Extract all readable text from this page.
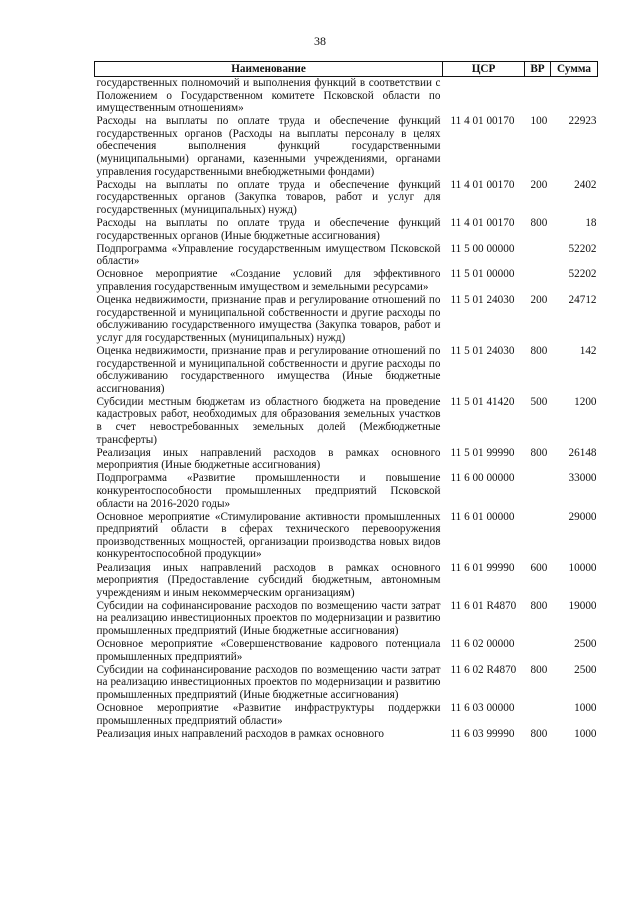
38
Наименование	ЦСР	ВР	Сумма
государственных полномочий и выполнения функций в соответствии с Положением о Государственном комитете Псковской области по имущественным отношениям»			
Расходы на выплаты по оплате труда и обеспечение функций государственных органов (Расходы на выплаты персоналу в целях обеспечения выполнения функций государственными (муниципальными) органами, казенными учреждениями, органами управления государственными внебюджетными фондами)	11 4 01 00170	100	22923
Расходы на выплаты по оплате труда и обеспечение функций государственных органов (Закупка товаров, работ и услуг для государственных (муниципальных) нужд)	11 4 01 00170	200	2402
Расходы на выплаты по оплате труда и обеспечение функций государственных органов (Иные бюджетные ассигнования)	11 4 01 00170	800	18
Подпрограмма «Управление государственным имуществом Псковской области»	11 5 00 00000		52202
Основное мероприятие «Создание условий для эффективного управления государственным имуществом и земельными ресурсами»	11 5 01 00000		52202
Оценка недвижимости, признание прав и регулирование отношений по государственной и муниципальной собственности и другие расходы по обслуживанию государственного имущества (Закупка товаров, работ и услуг для государственных (муниципальных) нужд)	11 5 01 24030	200	24712
Оценка недвижимости, признание прав и регулирование отношений по государственной и муниципальной собственности и другие расходы по обслуживанию государственного имущества (Иные бюджетные ассигнования)	11 5 01 24030	800	142
Субсидии местным бюджетам из областного бюджета на проведение кадастровых работ, необходимых для образования земельных участков в счет невостребованных земельных долей (Межбюджетные трансферты)	11 5 01 41420	500	1200
Реализация иных направлений расходов в рамках основного мероприятия (Иные бюджетные ассигнования)	11 5 01 99990	800	26148
Подпрограмма «Развитие промышленности и повышение конкурентоспособности промышленных предприятий Псковской области на 2016-2020 годы»	11 6 00 00000		33000
Основное мероприятие «Стимулирование активности промышленных предприятий области в сферах технического перевооружения производственных мощностей, организации производства новых видов конкурентоспособной продукции»	11 6 01 00000		29000
Реализация иных направлений расходов в рамках основного мероприятия (Предоставление субсидий бюджетным, автономным учреждениям и иным некоммерческим организациям)	11 6 01 99990	600	10000
Субсидии на софинансирование расходов по возмещению части затрат на реализацию инвестиционных проектов по модернизации и развитию промышленных предприятий (Иные бюджетные ассигнования)	11 6 01 R4870	800	19000
Основное мероприятие «Совершенствование кадрового потенциала промышленных предприятий»	11 6 02 00000		2500
Субсидии на софинансирование расходов по возмещению части затрат на реализацию инвестиционных проектов по модернизации и развитию промышленных предприятий (Иные бюджетные ассигнования)	11 6 02 R4870	800	2500
Основное мероприятие «Развитие инфраструктуры поддержки промышленных предприятий области»	11 6 03 00000		1000
Реализация иных направлений расходов в рамках основного	11 6 03 99990	800	1000
